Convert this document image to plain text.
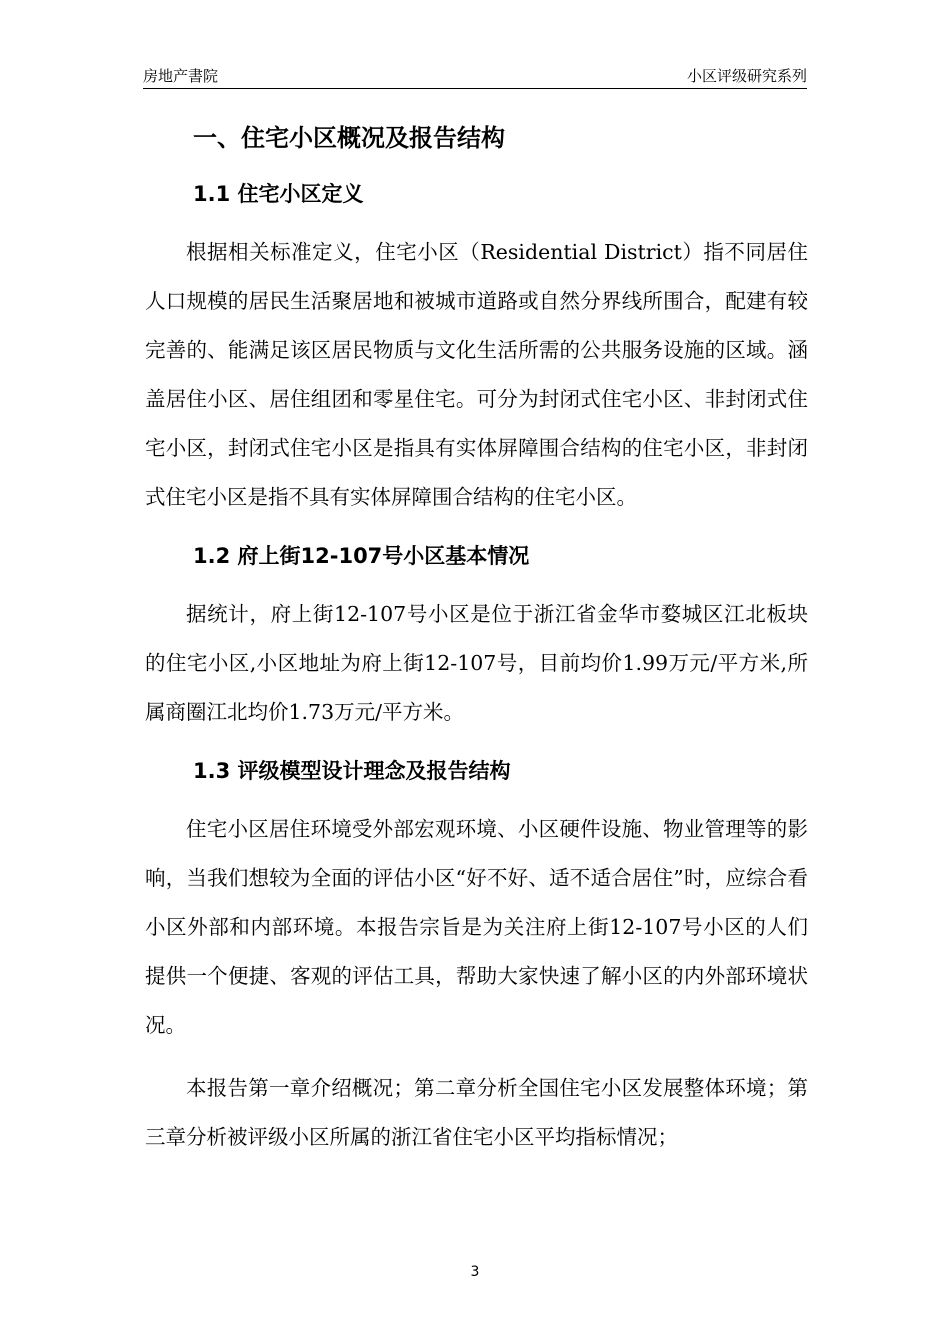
房地产書院	小区评级研究系列
一、住宅小区概况及报告结构
1.1 住宅小区定义

根据相关标准定义，住宅小区（Residential District）指不同居住人口规模的居民生活聚居地和被城市道路或自然分界线所围合，配建有较完善的、能满足该区居民物质与文化生活所需的公共服务设施的区域。涵盖居住小区、居住组团和零星住宅。可分为封闭式住宅小区、非封闭式住宅小区，封闭式住宅小区是指具有实体屏障围合结构的住宅小区，非封闭式住宅小区是指不具有实体屏障围合结构的住宅小区。

1.2 府上街12-107号小区基本情况

据统计，府上街12-107号小区是位于浙江省金华市婺城区江北板块的住宅小区,小区地址为府上街12-107号，目前均价1.99万元/平方米,所属商圈江北均价1.73万元/平方米。

1.3 评级模型设计理念及报告结构

住宅小区居住环境受外部宏观环境、小区硬件设施、物业管理等的影响，当我们想较为全面的评估小区“好不好、适不适合居住”时，应综合看小区外部和内部环境。本报告宗旨是为关注府上街12-107号小区的人们提供一个便捷、客观的评估工具，帮助大家快速了解小区的内外部环境状况。

本报告第一章介绍概况；第二章分析全国住宅小区发展整体环境；第三章分析被评级小区所属的浙江省住宅小区平均指标情况；

3
